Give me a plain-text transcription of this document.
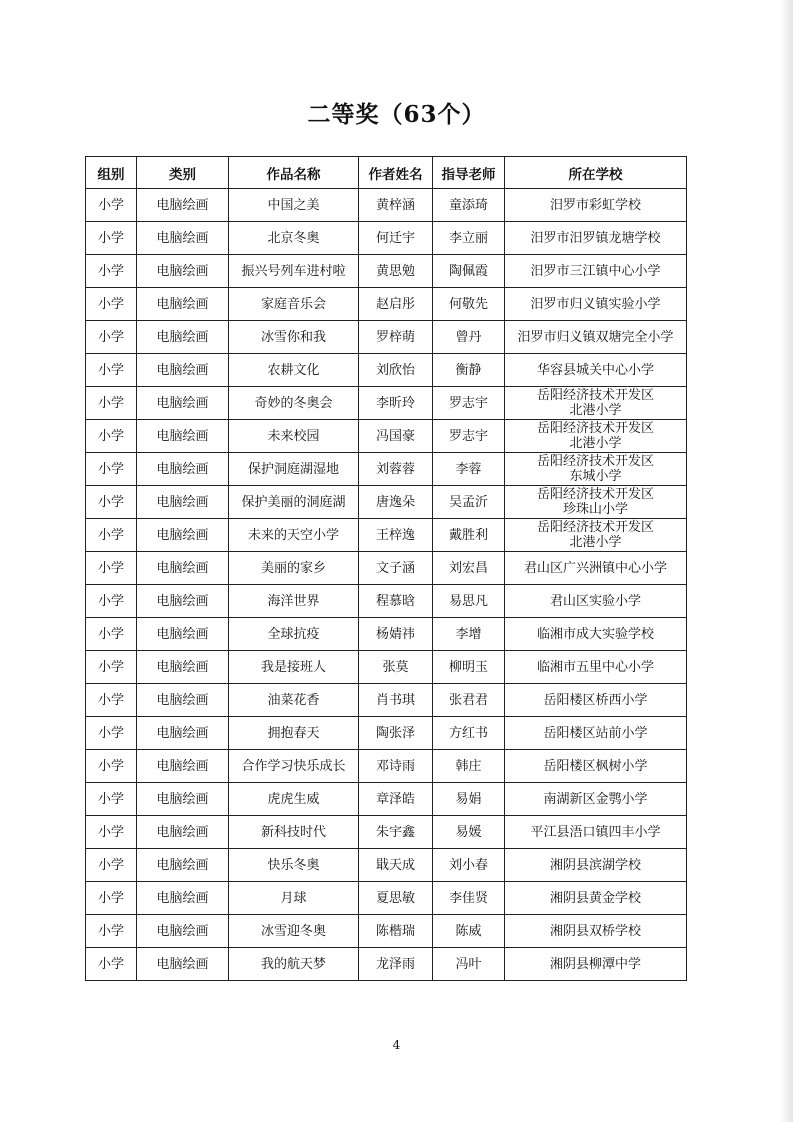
二等奖（63个）
组别	类别	作品名称	作者姓名	指导老师	所在学校
小学	电脑绘画	中国之美	黄梓涵	童添琦	汨罗市彩虹学校
小学	电脑绘画	北京冬奥	何迁宇	李立丽	汨罗市汨罗镇龙塘学校
小学	电脑绘画	振兴号列车进村啦	黄思勉	陶佩霞	汨罗市三江镇中心小学
小学	电脑绘画	家庭音乐会	赵启彤	何敬先	汨罗市归义镇实验小学
小学	电脑绘画	冰雪你和我	罗梓萌	曾丹	汨罗市归义镇双塘完全小学
小学	电脑绘画	农耕文化	刘欣怡	衡静	华容县城关中心小学
小学	电脑绘画	奇妙的冬奥会	李昕玲	罗志宇	岳阳经济技术开发区
北港小学
小学	电脑绘画	未来校园	冯国豪	罗志宇	岳阳经济技术开发区
北港小学
小学	电脑绘画	保护洞庭湖湿地	刘蓉蓉	李蓉	岳阳经济技术开发区
东城小学
小学	电脑绘画	保护美丽的洞庭湖	唐逸朵	吴孟沂	岳阳经济技术开发区
珍珠山小学
小学	电脑绘画	未来的天空小学	王梓逸	戴胜利	岳阳经济技术开发区
北港小学
小学	电脑绘画	美丽的家乡	文子涵	刘宏昌	君山区广兴洲镇中心小学
小学	电脑绘画	海洋世界	程慕晗	易思凡	君山区实验小学
小学	电脑绘画	全球抗疫	杨婧祎	李增	临湘市成大实验学校
小学	电脑绘画	我是接班人	张莫	柳明玉	临湘市五里中心小学
小学	电脑绘画	油菜花香	肖书琪	张君君	岳阳楼区桥西小学
小学	电脑绘画	拥抱春天	陶张泽	方红书	岳阳楼区站前小学
小学	电脑绘画	合作学习快乐成长	邓诗雨	韩庄	岳阳楼区枫树小学
小学	电脑绘画	虎虎生威	章泽皓	易娟	南湖新区金鹗小学
小学	电脑绘画	新科技时代	朱宇鑫	易媛	平江县浯口镇四丰小学
小学	电脑绘画	快乐冬奥	戢天成	刘小春	湘阴县滨湖学校
小学	电脑绘画	月球	夏思敏	李佳贤	湘阴县黄金学校
小学	电脑绘画	冰雪迎冬奥	陈楷瑞	陈威	湘阴县双桥学校
小学	电脑绘画	我的航天梦	龙泽雨	冯叶	湘阴县柳潭中学
4
